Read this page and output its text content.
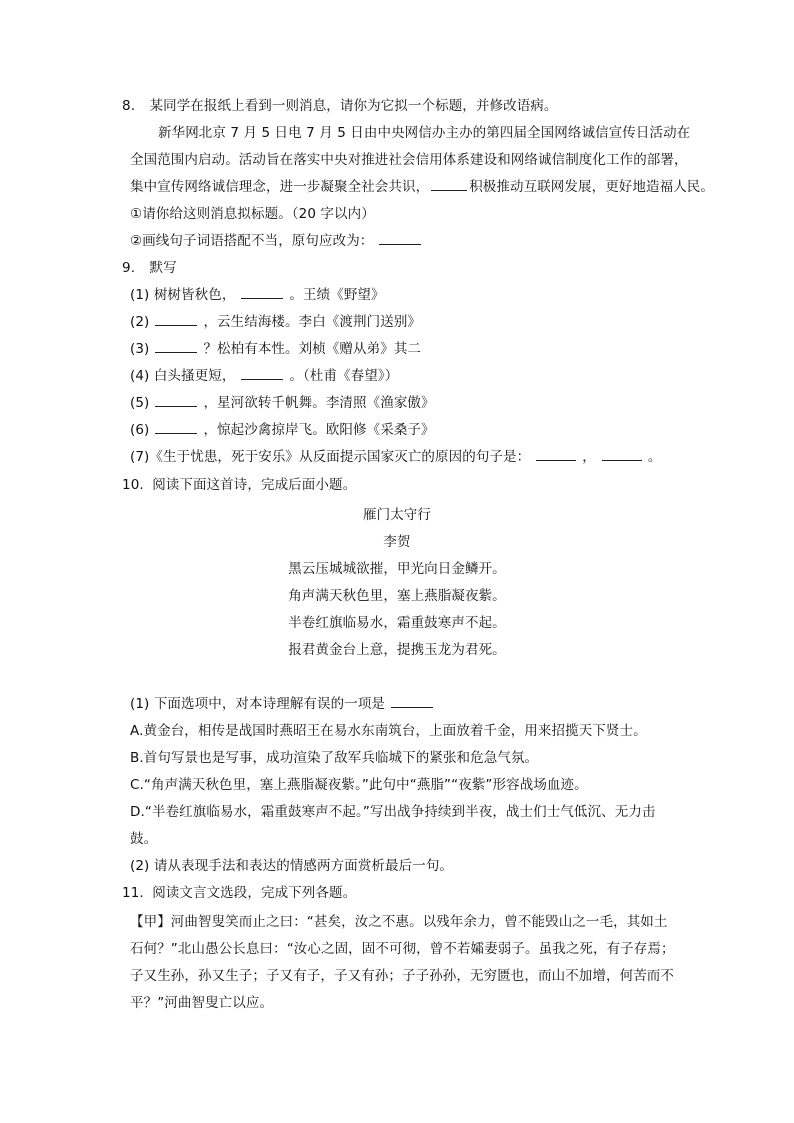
8. 某同学在报纸上看到一则消息，请你为它拟一个标题，并修改语病。
新华网北京 7 月 5 日电 7 月 5 日由中央网信办主办的第四届全国网络诚信宣传日活动在
全国范围内启动。活动旨在落实中央对推进社会信用体系建设和网络诚信制度化工作的部署，
集中宣传网络诚信理念，进一步凝聚全社会共识，	积极推动互联网发展，更好地造福人民。
①请你给这则消息拟标题。（20 字以内）
②画线句子词语搭配不当，原句应改为：
9. 默写
(1) 树树皆秋色，	。王绩《野望》
(2)	，云生结海楼。李白《渡荆门送别》
(3)	？松柏有本性。刘桢《赠从弟》其二
(4) 白头搔更短，	。（杜甫《春望》）
(5)	，星河欲转千帆舞。李清照《渔家傲》
(6)	，惊起沙禽掠岸飞。欧阳修《采桑子》
(7)《生于忧患，死于安乐》从反面提示国家灭亡的原因的句子是：	，	。
10. 阅读下面这首诗，完成后面小题。
雁门太守行
李贺
黑云压城城欲摧，甲光向日金鳞开。
角声满天秋色里，塞上燕脂凝夜紫。
半卷红旗临易水，霜重鼓寒声不起。
报君黄金台上意，提携玉龙为君死。
(1) 下面选项中，对本诗理解有误的一项是
A.黄金台，相传是战国时燕昭王在易水东南筑台，上面放着千金，用来招揽天下贤士。
B.首句写景也是写事，成功渲染了敌军兵临城下的紧张和危急气氛。
C.“角声满天秋色里，塞上燕脂凝夜紫。”此句中“燕脂”“夜紫”形容战场血迹。
D.“半卷红旗临易水，霜重鼓寒声不起。”写出战争持续到半夜，战士们士气低沉、无力击
鼓。
(2) 请从表现手法和表达的情感两方面赏析最后一句。
11. 阅读文言文选段，完成下列各题。
【甲】河曲智叟笑而止之曰：“甚矣，汝之不惠。以残年余力，曾不能毁山之一毛，其如土
石何？”北山愚公长息曰：“汝心之固，固不可彻，曾不若孀妻弱子。虽我之死，有子存焉；
子又生孙，孙又生子；子又有子，子又有孙；子子孙孙，无穷匮也，而山不加增，何苦而不
平？”河曲智叟亡以应。
